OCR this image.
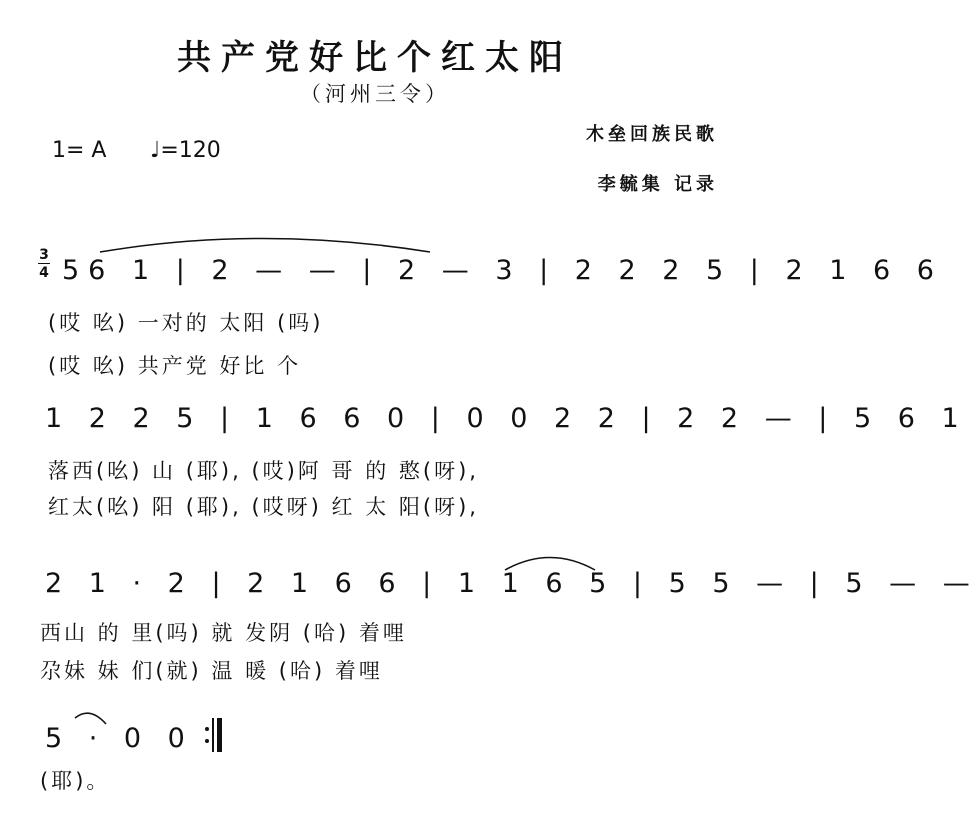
共产党好比个红太阳
（河州三令）
1= A ♩=120
木垒回族民歌
李毓集 记录
3
4 56 1 | 2 — — | 2 — 3 | 2 2 2 5 | 2 1 6 6
(哎 吆) 一对的 太阳 (吗)
(哎 吆) 共产党 好比 个
1 2 2 5 | 1 6 6 0 | 0 0 2 2 | 2 2 — | 5 6 1
落西(吆) 山 (耶), (哎)阿 哥 的 憨(呀),
红太(吆) 阳 (耶), (哎呀) 红 太 阳(呀),
2 1 · 2 | 2 1 6 6 | 1 1 6 5 | 5 5 — | 5 — —
西山 的 里(吗) 就 发阴 (哈) 着哩
尕妹 妹 们(就) 温 暖 (哈) 着哩
5 · 0 0
(耶)。
